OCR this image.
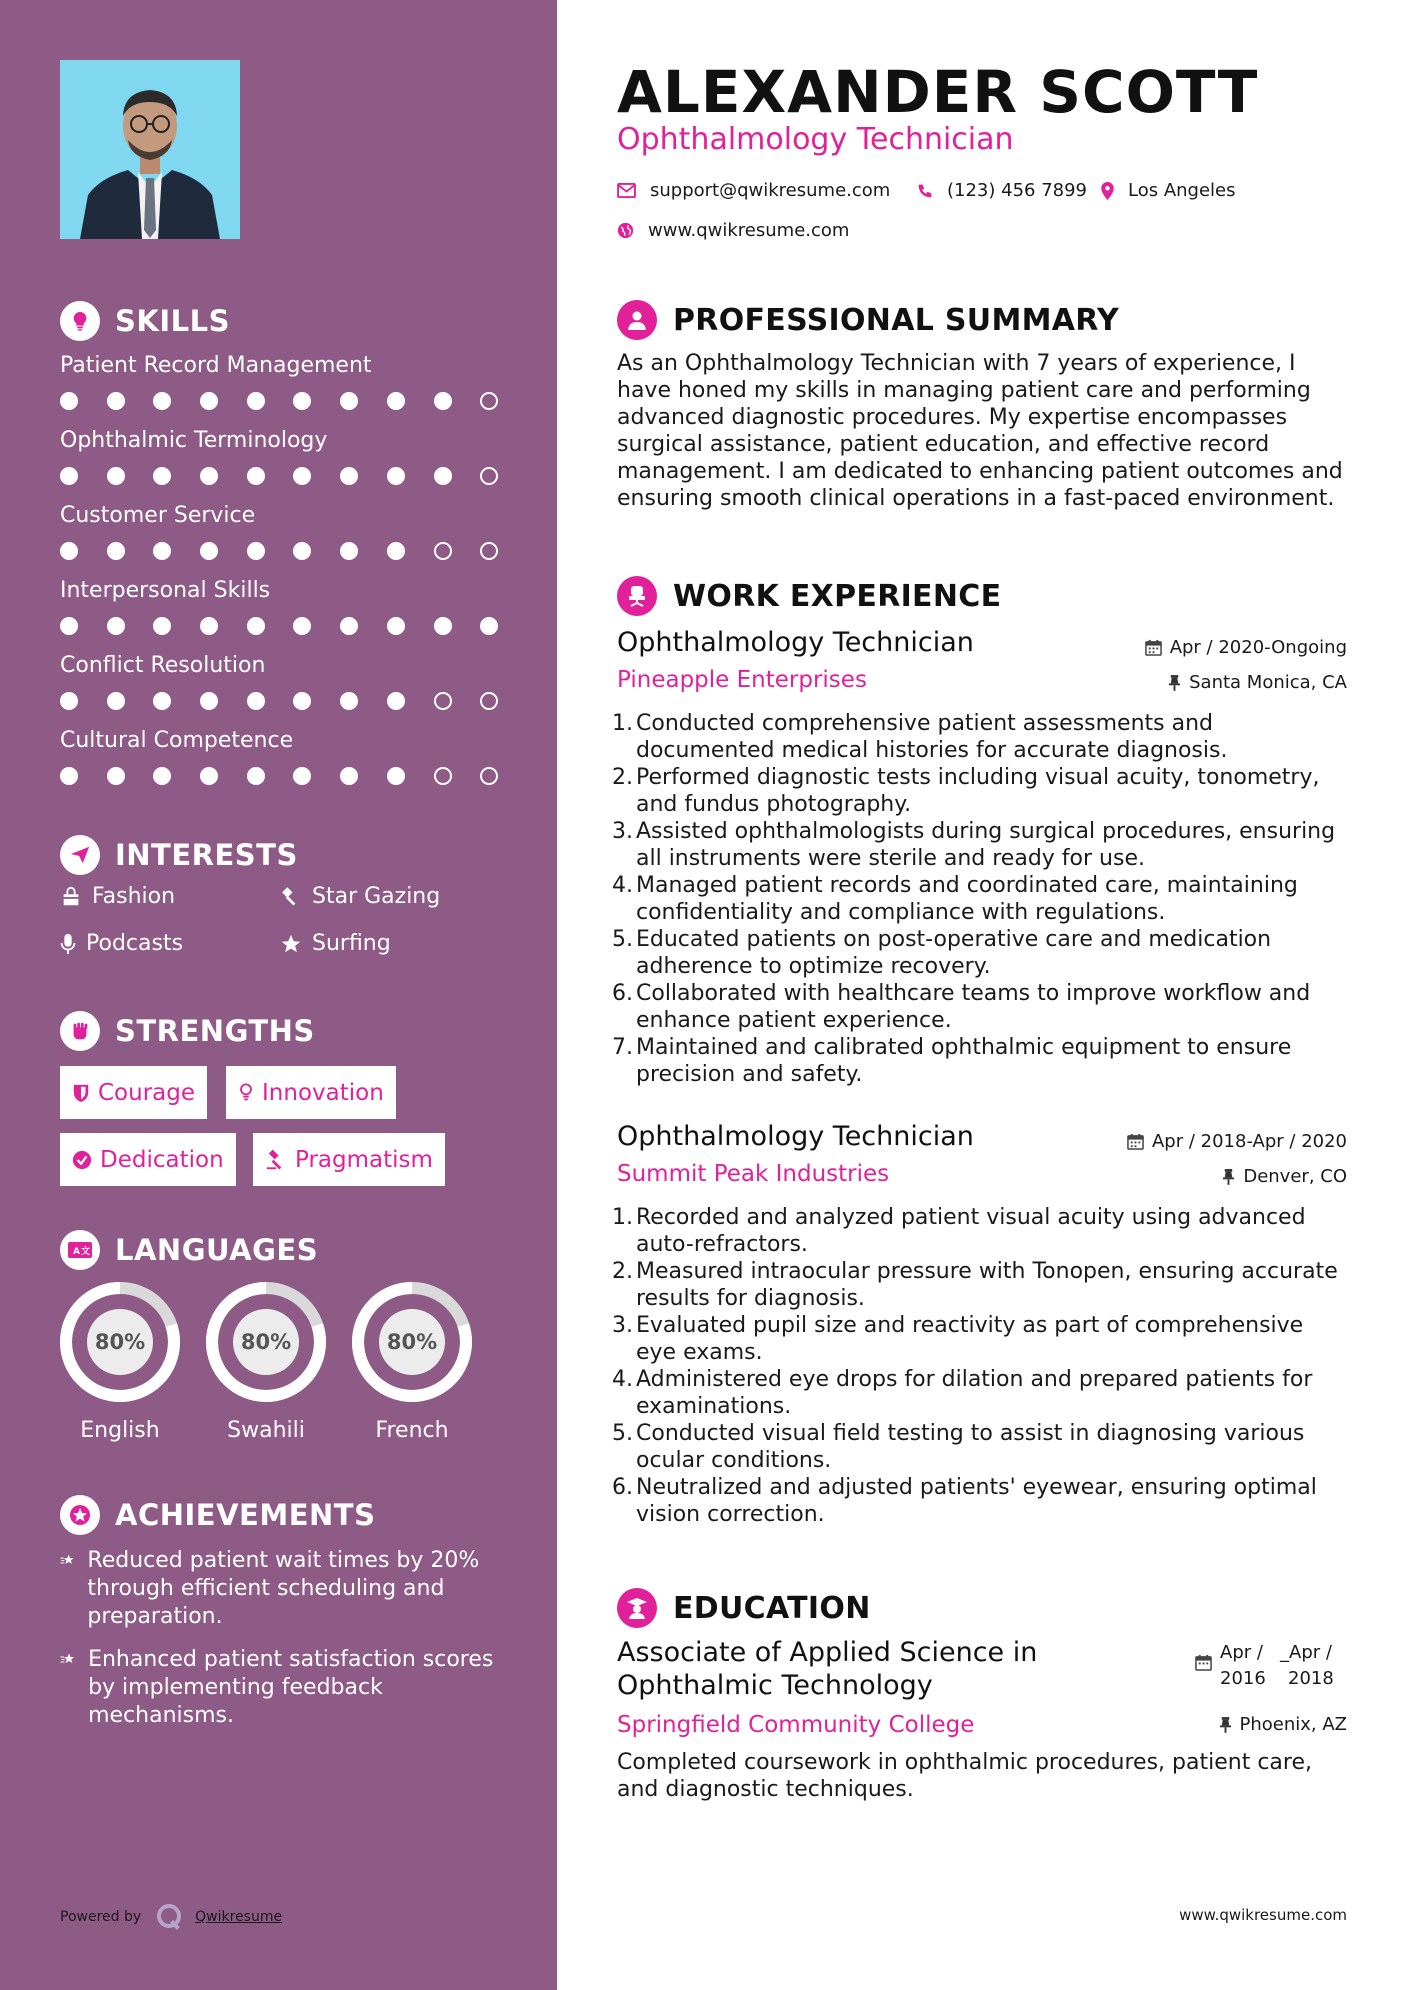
SKILLS
Patient Record Management
Ophthalmic Terminology
Customer Service
Interpersonal Skills
Conflict Resolution
Cultural Competence
INTERESTS
Fashion	Star Gazing
Podcasts	Surfing
STRENGTHS
Courage	Innovation
Dedication	Pragmatism
A 文 LANGUAGES
80%
English
80%
Swahili
80%
French
ACHIEVEMENTS
Reduced patient wait times by 20% through efficient scheduling and preparation.
Enhanced patient satisfaction scores by implementing feedback mechanisms.
Powered by	Qwikresume
ALEXANDER SCOTT
Ophthalmology Technician
support@qwikresume.com	(123) 456 7899 Los Angeles
www.qwikresume.com
PROFESSIONAL SUMMARY
As an Ophthalmology Technician with 7 years of experience, I have honed my skills in managing patient care and performing advanced diagnostic procedures. My expertise encompasses surgical assistance, patient education, and effective record management. I am dedicated to enhancing patient outcomes and ensuring smooth clinical operations in a fast-paced environment.
WORK EXPERIENCE
Ophthalmology Technician	Apr / 2020-Ongoing
Pineapple Enterprises	Santa Monica, CA
1. Conducted comprehensive patient assessments and documented medical histories for accurate diagnosis.
2. Performed diagnostic tests including visual acuity, tonometry, and fundus photography.
3. Assisted ophthalmologists during surgical procedures, ensuring all instruments were sterile and ready for use.
4. Managed patient records and coordinated care, maintaining confidentiality and compliance with regulations.
5. Educated patients on post-operative care and medication adherence to optimize recovery.
6. Collaborated with healthcare teams to improve workflow and enhance patient experience.
7. Maintained and calibrated ophthalmic equipment to ensure precision and safety.
Ophthalmology Technician	Apr / 2018-Apr / 2020
Summit Peak Industries	Denver, CO
1. Recorded and analyzed patient visual acuity using advanced auto-refractors.
2. Measured intraocular pressure with Tonopen, ensuring accurate results for diagnosis.
3. Evaluated pupil size and reactivity as part of comprehensive eye exams.
4. Administered eye drops for dilation and prepared patients for examinations.
5. Conducted visual field testing to assist in diagnosing various ocular conditions.
6. Neutralized and adjusted patients' eyewear, ensuring optimal vision correction.
EDUCATION
Associate of Applied Science in Ophthalmic Technology
Apr /
2016
_Apr /
2018
Springfield Community College	Phoenix, AZ
Completed coursework in ophthalmic procedures, patient care, and diagnostic techniques.
www.qwikresume.com
